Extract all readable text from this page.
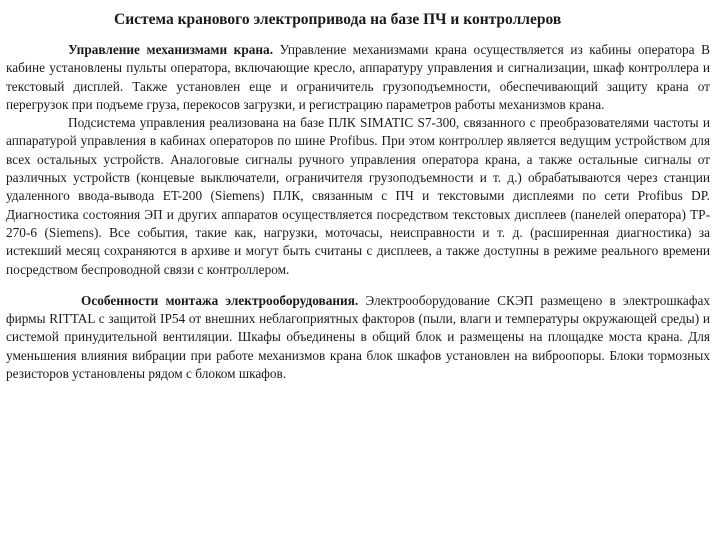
Система кранового электропривода на базе ПЧ и контроллеров

Управление механизмами крана. Управление механизмами крана осуществляется из кабины оператора В кабине установлены пульты оператора, включающие кресло, аппаратуру управления и сигнализации, шкаф контроллера и текстовый дисплей. Также установлен еще и ограничитель грузоподъемности, обеспечивающий защиту крана от перегрузок при подъеме груза, перекосов загрузки, и регистрацию параметров работы механизмов крана.

Подсистема управления реализована на базе ПЛК SIMATIC S7-300, связанного с преобразователями частоты и аппаратурой управления в кабинах операторов по шине Profibus. При этом контроллер является ведущим устройством для всех остальных устройств. Аналоговые сигналы ручного управления оператора крана, а также остальные сигналы от различных устройств (концевые выключатели, ограничителя грузоподъемности и т. д.) обрабатываются через станции удаленного ввода-вывода ET-200 (Siemens) ПЛК, связанным с ПЧ и текстовыми дисплеями по сети Profibus DP. Диагностика состояния ЭП и других аппаратов осуществляется посредством текстовых дисплеев (панелей оператора) TP-270-6 (Siemens). Все события, такие как, нагрузки, моточасы, неисправности и т. д. (расширенная диагностика) за истекший месяц сохраняются в архиве и могут быть считаны с дисплеев, а также доступны в режиме реального времени посредством беспроводной связи с контроллером.

Особенности монтажа электрооборудования. Электрооборудование СКЭП размещено в электрошкафах фирмы RITTAL с защитой IP54 от внешних неблагоприятных факторов (пыли, влаги и температуры окружающей среды) и системой принудительной вентиляции. Шкафы объединены в общий блок и размещены на площадке моста крана. Для уменьшения влияния вибрации при работе механизмов крана блок шкафов установлен на виброопоры. Блоки тормозных резисторов установлены рядом с блоком шкафов.
